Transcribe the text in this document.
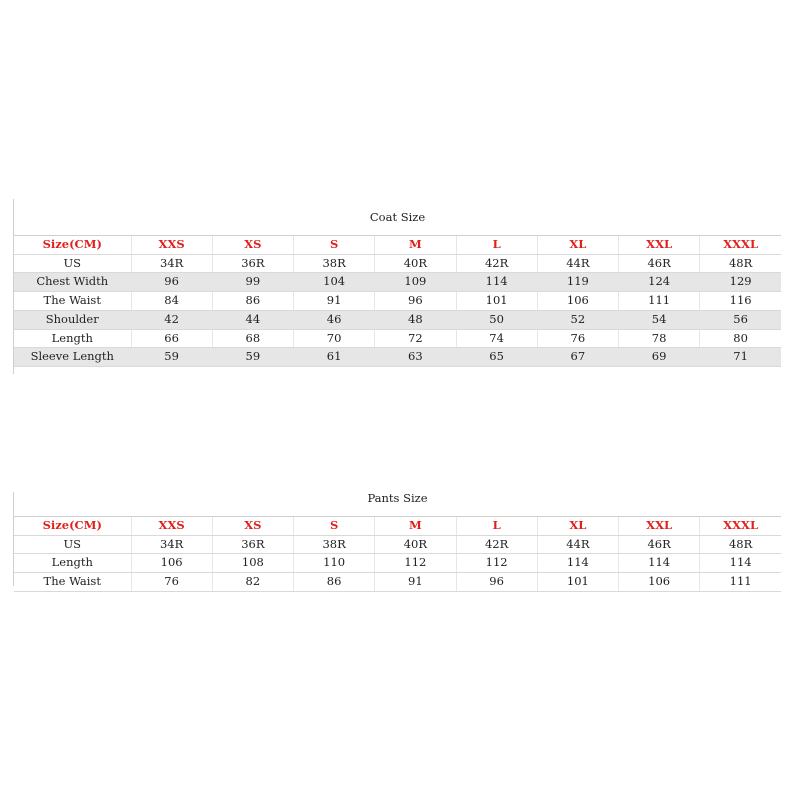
Coat Size								
Size(CM)	XXS	XS	S	M	L	XL	XXL	XXXL
US	34R	36R	38R	40R	42R	44R	46R	48R
Chest Width	96	99	104	109	114	119	124	129
The Waist	84	86	91	96	101	106	111	116
Shoulder	42	44	46	48	50	52	54	56
Length	66	68	70	72	74	76	78	80
Sleeve Length	59	59	61	63	65	67	69	71
Pants Size								
Size(CM)	XXS	XS	S	M	L	XL	XXL	XXXL
US	34R	36R	38R	40R	42R	44R	46R	48R
Length	106	108	110	112	112	114	114	114
The Waist	76	82	86	91	96	101	106	111
